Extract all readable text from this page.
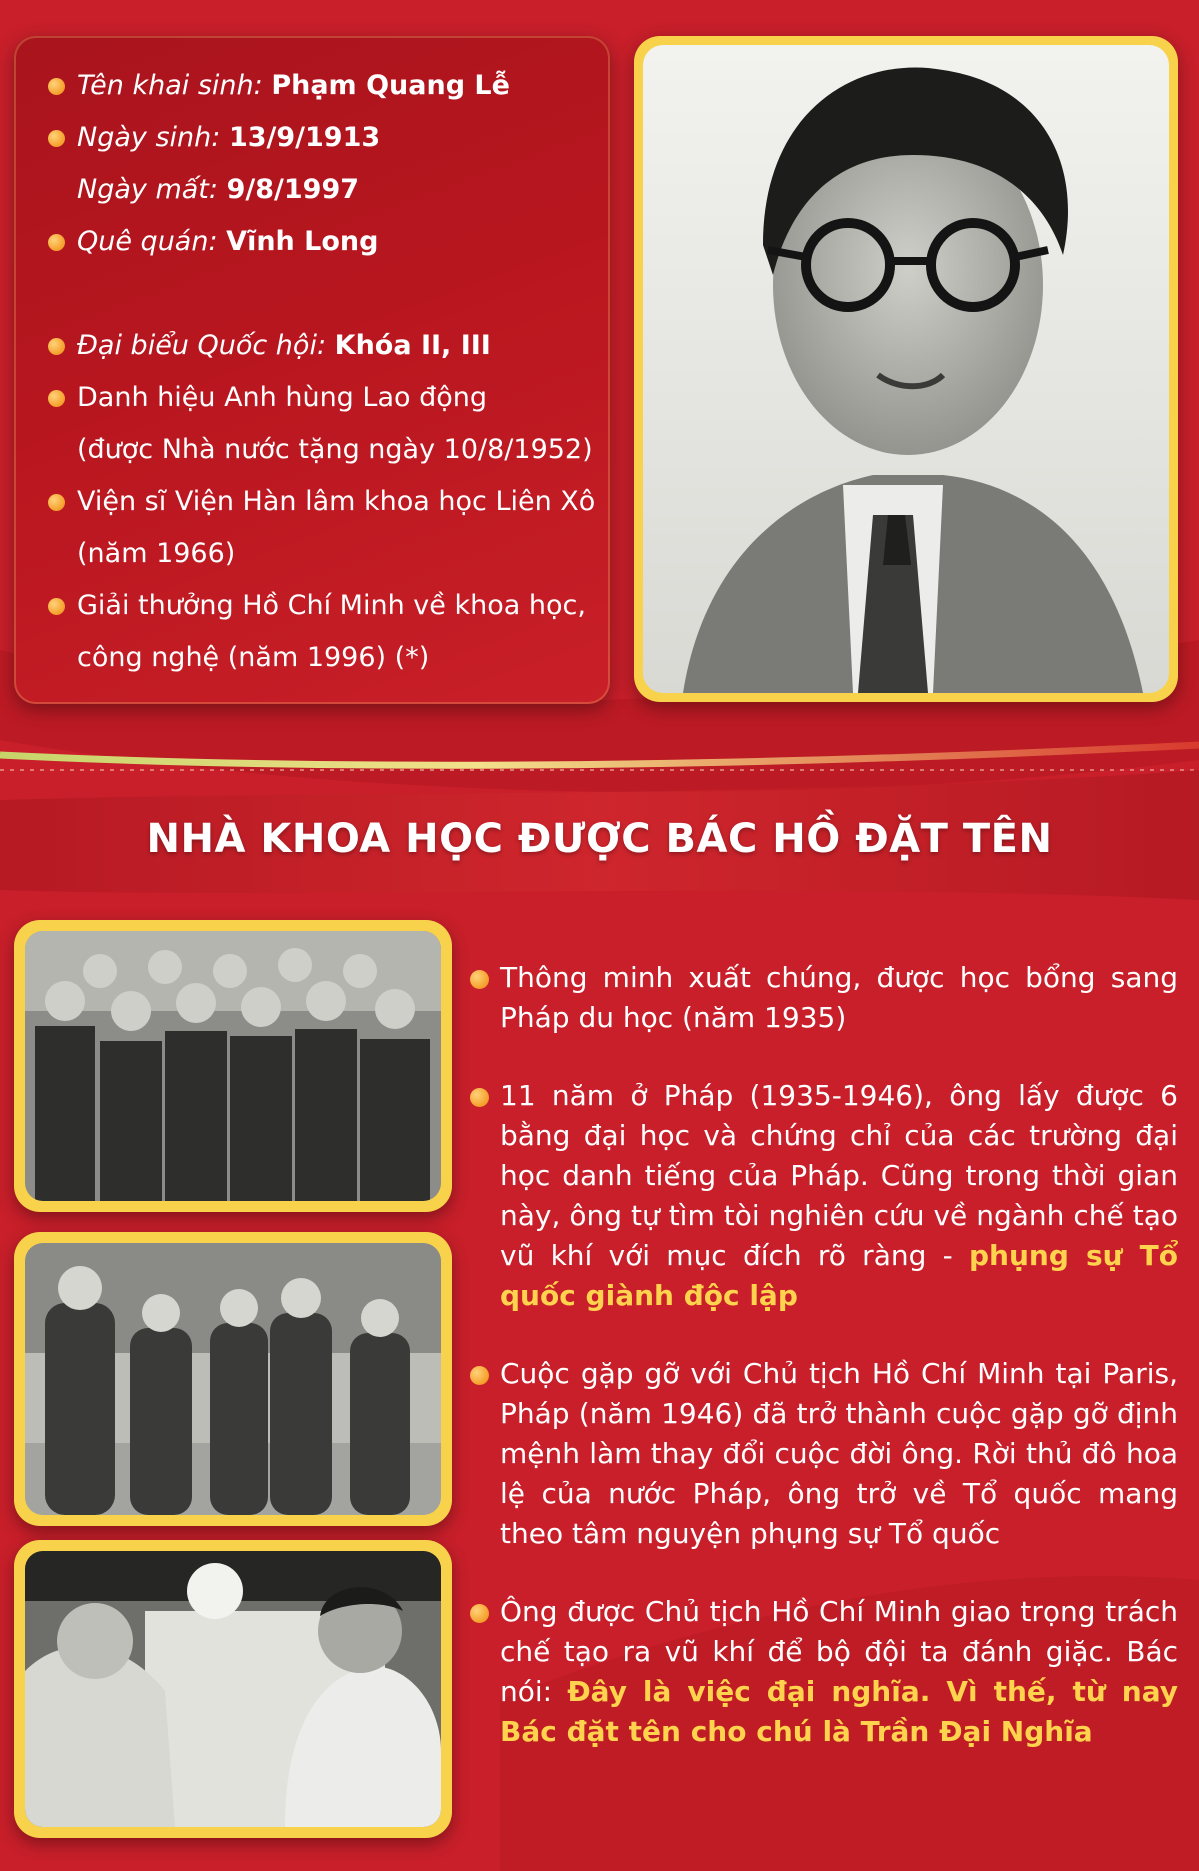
Tên khai sinh: Phạm Quang Lễ
Ngày sinh: 13/9/1913
Ngày mất: 9/8/1997
Quê quán: Vĩnh Long
Đại biểu Quốc hội: Khóa II, III
Danh hiệu Anh hùng Lao động
(được Nhà nước tặng ngày 10/8/1952)
Viện sĩ Viện Hàn lâm khoa học Liên Xô
(năm 1966)
Giải thưởng Hồ Chí Minh về khoa học,
công nghệ (năm 1996) (*)
NHÀ KHOA HỌC ĐƯỢC BÁC HỒ ĐẶT TÊN
Thông minh xuất chúng, được học bổng sang Pháp du học (năm 1935)
11 năm ở Pháp (1935-1946), ông lấy được 6 bằng đại học và chứng chỉ của các trường đại học danh tiếng của Pháp. Cũng trong thời gian này, ông tự tìm tòi nghiên cứu về ngành chế tạo vũ khí với mục đích rõ ràng - phụng sự Tổ quốc giành độc lập
Cuộc gặp gỡ với Chủ tịch Hồ Chí Minh tại Paris, Pháp (năm 1946) đã trở thành cuộc gặp gỡ định mệnh làm thay đổi cuộc đời ông. Rời thủ đô hoa lệ của nước Pháp, ông trở về Tổ quốc mang theo tâm nguyện phụng sự Tổ quốc
Ông được Chủ tịch Hồ Chí Minh giao trọng trách chế tạo ra vũ khí để bộ đội ta đánh giặc. Bác nói: Đây là việc đại nghĩa. Vì thế, từ nay Bác đặt tên cho chú là Trần Đại Nghĩa
